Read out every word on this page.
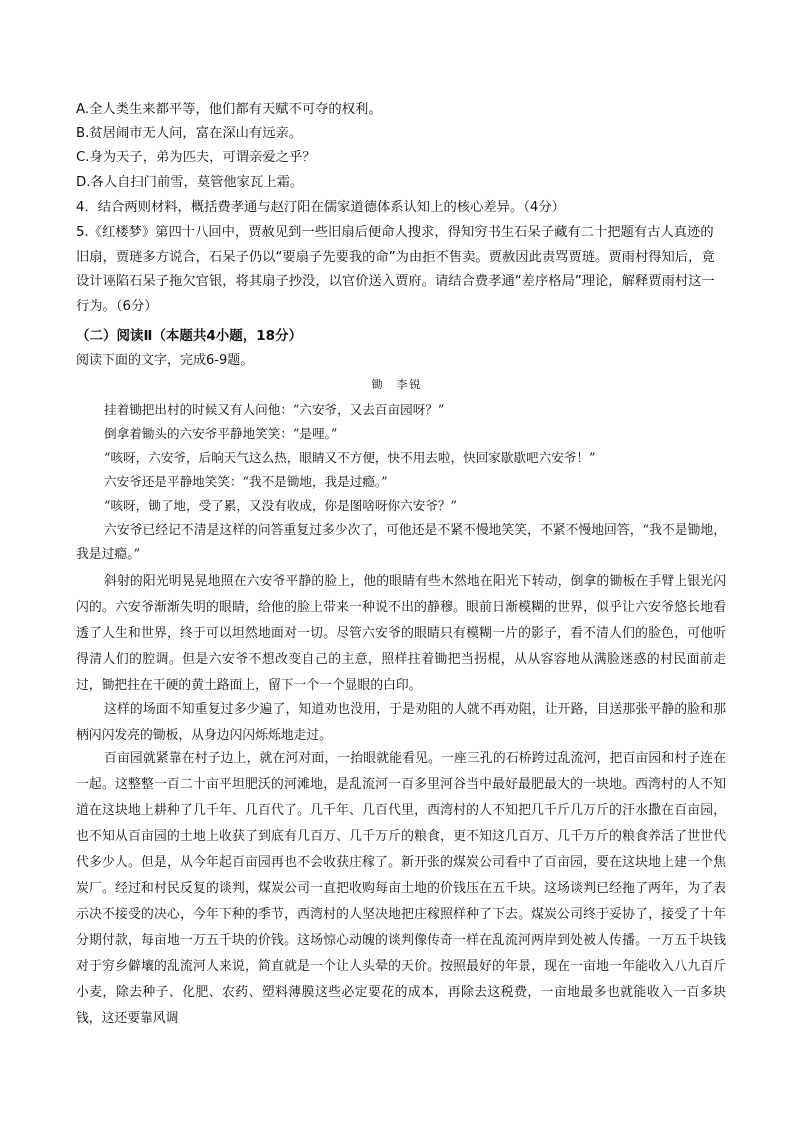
A.全人类生来都平等，他们都有天赋不可夺的权利。
B.贫居闹市无人问，富在深山有远亲。
C.身为天子，弟为匹夫，可谓亲爱之乎？
D.各人自扫门前雪，莫管他家瓦上霜。
4．结合两则材料，概括费孝通与赵汀阳在儒家道德体系认知上的核心差异。（4分）
5.《红楼梦》第四十八回中，贾赦见到一些旧扇后便命人搜求，得知穷书生石呆子藏有二十把题有古人真迹的旧扇，贾琏多方说合，石呆子仍以“要扇子先要我的命”为由拒不售卖。贾赦因此责骂贾琏。贾雨村得知后，竟设计诬陷石呆子拖欠官银，将其扇子抄没，以官价送入贾府。请结合费孝通“差序格局”理论，解释贾雨村这一行为。（6分）
（二）阅读Ⅱ（本题共4小题，18分）
阅读下面的文字，完成6-9题。
锄 李锐
挂着锄把出村的时候又有人问他：“六安爷，又去百亩园呀？”
倒拿着锄头的六安爷平静地笑笑：“是哩。”
“咳呀，六安爷，后晌天气这么热，眼睛又不方便，快不用去啦，快回家歇歇吧六安爷！”
六安爷还是平静地笑笑：“我不是锄地，我是过瘾。”
“咳呀，锄了地，受了累，又没有收成，你是图啥呀你六安爷？”
六安爷已经记不清是这样的问答重复过多少次了，可他还是不紧不慢地笑笑，不紧不慢地回答，“我不是锄地，我是过瘾。”
斜射的阳光明晃晃地照在六安爷平静的脸上，他的眼睛有些木然地在阳光下转动，倒拿的锄板在手臂上银光闪闪的。六安爷渐渐失明的眼睛，给他的脸上带来一种说不出的静穆。眼前日渐模糊的世界，似乎让六安爷悠长地看透了人生和世界，终于可以坦然地面对一切。尽管六安爷的眼睛只有模糊一片的影子，看不清人们的脸色，可他听得清人们的腔调。但是六安爷不想改变自己的主意，照样拄着锄把当拐棍，从从容容地从满脸迷惑的村民面前走过，锄把拄在干硬的黄土路面上，留下一个一个显眼的白印。
这样的场面不知重复过多少遍了，知道劝也没用，于是劝阻的人就不再劝阻，让开路，目送那张平静的脸和那柄闪闪发亮的锄板，从身边闪闪烁烁地走过。
百亩园就紧靠在村子边上，就在河对面，一抬眼就能看见。一座三孔的石桥跨过乱流河，把百亩园和村子连在一起。这整整一百二十亩平坦肥沃的河滩地，是乱流河一百多里河谷当中最好最肥最大的一块地。西湾村的人不知道在这块地上耕种了几千年、几百代了。几千年、几百代里，西湾村的人不知把几千斤几万斤的汗水撒在百亩园，也不知从百亩园的土地上收获了到底有几百万、几千万斤的粮食，更不知这几百万、几千万斤的粮食养活了世世代代多少人。但是，从今年起百亩园再也不会收获庄稼了。新开张的煤炭公司看中了百亩园，要在这块地上建一个焦炭厂。经过和村民反复的谈判，煤炭公司一直把收购每亩土地的价钱压在五千块。这场谈判已经拖了两年，为了表示决不接受的决心，今年下种的季节，西湾村的人坚决地把庄稼照样种了下去。煤炭公司终于妥协了，接受了十年分期付款，每亩地一万五千块的价钱。这场惊心动魄的谈判像传奇一样在乱流河两岸到处被人传播。一万五千块钱对于穷乡僻壤的乱流河人来说，简直就是一个让人头晕的天价。按照最好的年景，现在一亩地一年能收入八九百斤小麦，除去种子、化肥、农药、塑料薄膜这些必定要花的成本，再除去这税费，一亩地最多也就能收入一百多块钱，这还要靠风调
